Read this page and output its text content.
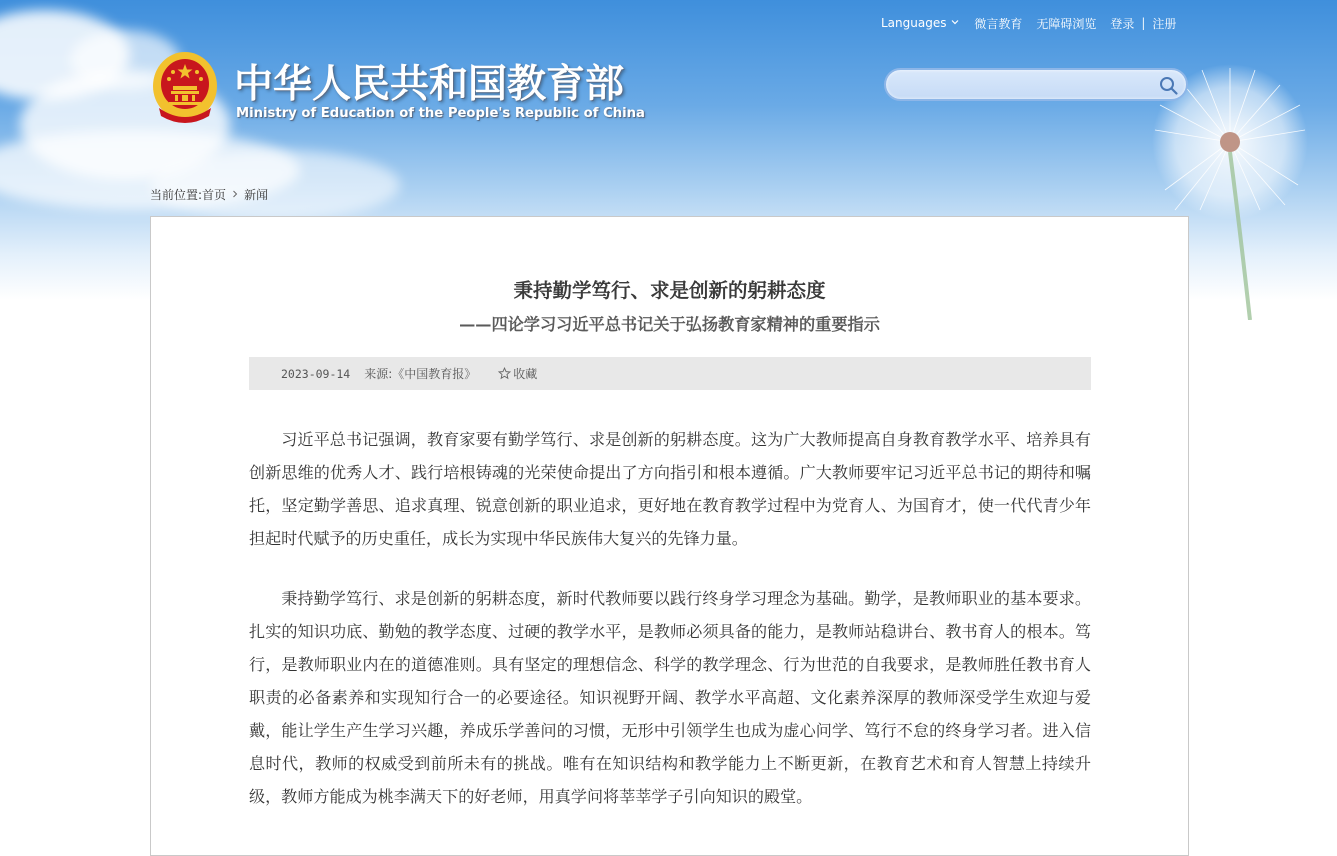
Languages	微言教育 无障碍浏览 登录 | 注册
中华人民共和国教育部
Ministry of Education of the People's Republic of China
当前位置: 首页 新闻
秉持勤学笃行、求是创新的躬耕态度
——四论学习习近平总书记关于弘扬教育家精神的重要指示
2023-09-14 来源:《中国教育报》	收藏

习近平总书记强调，教育家要有勤学笃行、求是创新的躬耕态度。这为广大教师提高自身教育教学水平、培养具有创新思维的优秀人才、践行培根铸魂的光荣使命提出了方向指引和根本遵循。广大教师要牢记习近平总书记的期待和嘱托，坚定勤学善思、追求真理、锐意创新的职业追求，更好地在教育教学过程中为党育人、为国育才，使一代代青少年担起时代赋予的历史重任，成长为实现中华民族伟大复兴的先锋力量。

秉持勤学笃行、求是创新的躬耕态度，新时代教师要以践行终身学习理念为基础。勤学，是教师职业的基本要求。扎实的知识功底、勤勉的教学态度、过硬的教学水平，是教师必须具备的能力，是教师站稳讲台、教书育人的根本。笃行，是教师职业内在的道德准则。具有坚定的理想信念、科学的教学理念、行为世范的自我要求，是教师胜任教书育人职责的必备素养和实现知行合一的必要途径。知识视野开阔、教学水平高超、文化素养深厚的教师深受学生欢迎与爱戴，能让学生产生学习兴趣，养成乐学善问的习惯，无形中引领学生也成为虚心问学、笃行不怠的终身学习者。进入信息时代，教师的权威受到前所未有的挑战。唯有在知识结构和教学能力上不断更新，在教育艺术和育人智慧上持续升级，教师方能成为桃李满天下的好老师，用真学问将莘莘学子引向知识的殿堂。
